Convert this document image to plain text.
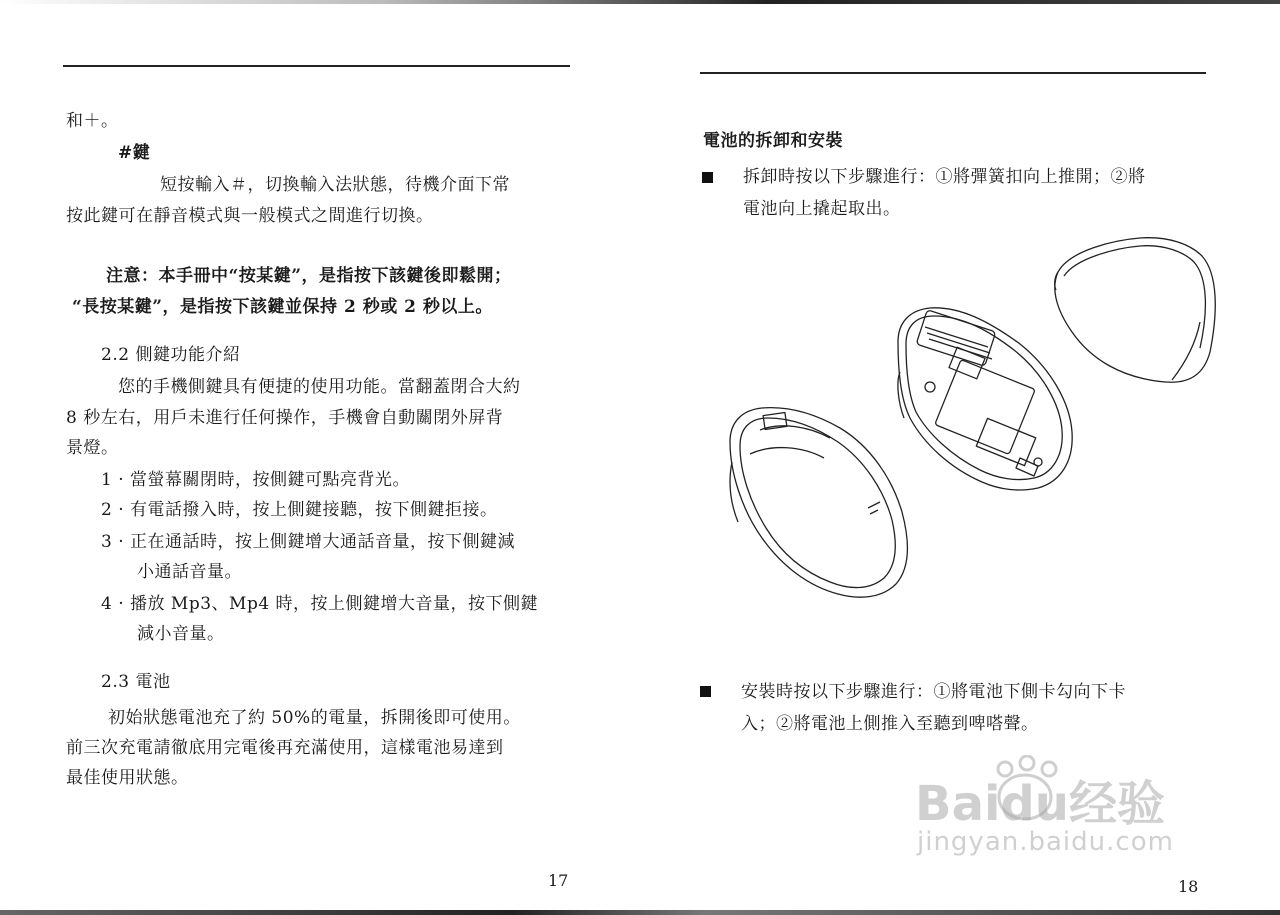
和＋。
#鍵
短按輸入＃，切換輸入法狀態，待機介面下常
按此鍵可在靜音模式與一般模式之間進行切換。
注意：本手冊中“按某鍵”，是指按下該鍵後即鬆開；
“長按某鍵”，是指按下該鍵並保持 2 秒或 2 秒以上。
2.2 側鍵功能介紹
您的手機側鍵具有便捷的使用功能。當翻蓋閉合大約
8 秒左右，用戶未進行任何操作，手機會自動關閉外屏背
景燈。
1 · 當螢幕關閉時，按側鍵可點亮背光。
2 · 有電話撥入時，按上側鍵接聽，按下側鍵拒接。
3 · 正在通話時，按上側鍵增大通話音量，按下側鍵減
小通話音量。
4 · 播放 Mp3、Mp4 時，按上側鍵增大音量，按下側鍵
減小音量。
2.3 電池
初始狀態電池充了約 50%的電量，拆開後即可使用。
前三次充電請徹底用完電後再充滿使用，這樣電池易達到
最佳使用狀態。
17
電池的拆卸和安裝
拆卸時按以下步驟進行：①將彈簧扣向上推開；②將
電池向上撬起取出。
安裝時按以下步驟進行：①將電池下側卡勾向下卡
入；②將電池上側推入至聽到啤嗒聲。
18
Baidu经验
jingyan.baidu.com
